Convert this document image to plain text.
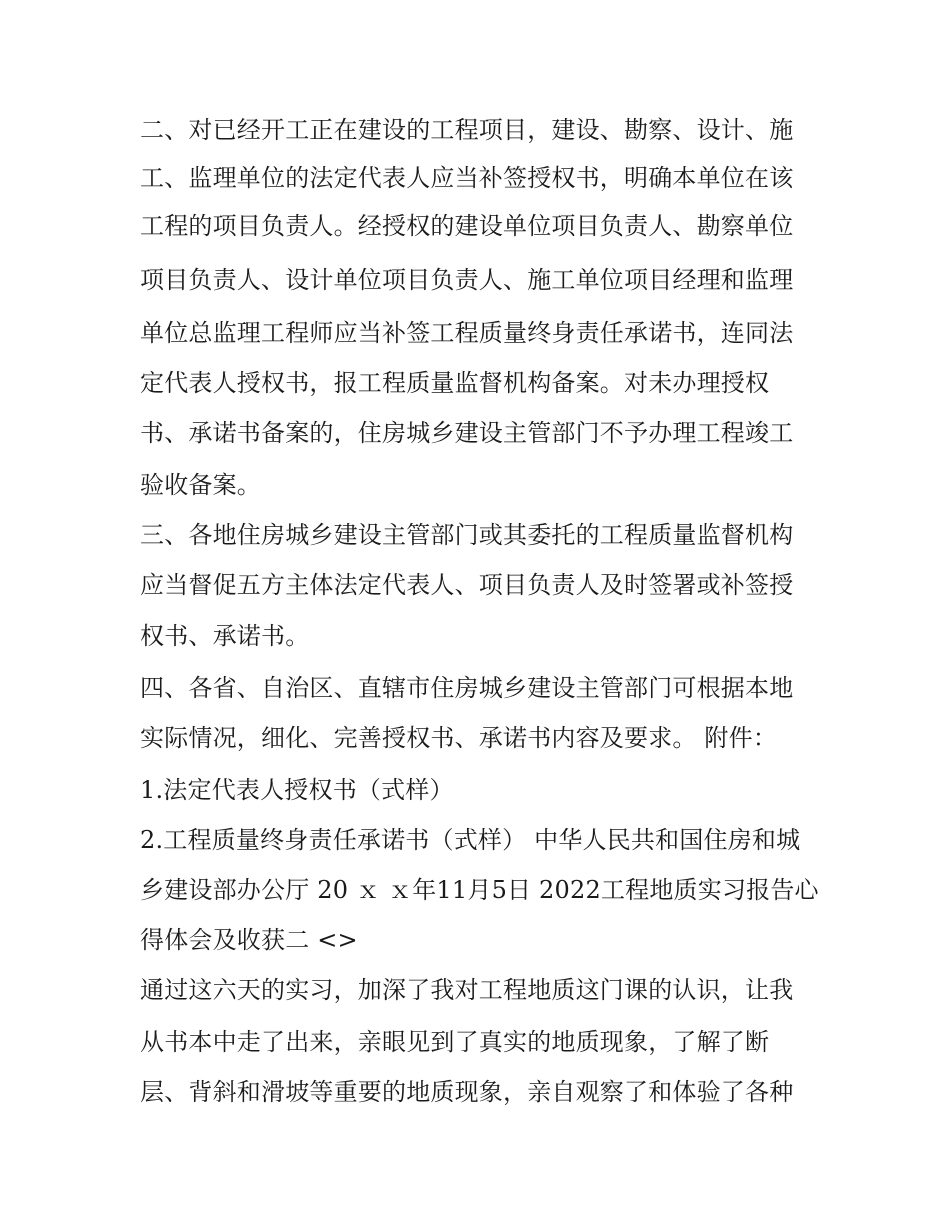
二、对已经开工正在建设的工程项目，建设、勘察、设计、施
工、监理单位的法定代表人应当补签授权书，明确本单位在该
工程的项目负责人。经授权的建设单位项目负责人、勘察单位
项目负责人、设计单位项目负责人、施工单位项目经理和监理
单位总监理工程师应当补签工程质量终身责任承诺书，连同法
定代表人授权书，报工程质量监督机构备案。对未办理授权
书、承诺书备案的，住房城乡建设主管部门不予办理工程竣工
验收备案。
三、各地住房城乡建设主管部门或其委托的工程质量监督机构
应当督促五方主体法定代表人、项目负责人及时签署或补签授
权书、承诺书。
四、各省、自治区、直辖市住房城乡建设主管部门可根据本地
实际情况，细化、完善授权书、承诺书内容及要求。 附件：
1.法定代表人授权书（式样）
2.工程质量终身责任承诺书（式样） 中华人民共和国住房和城
乡建设部办公厅 20 ｘ ｘ年11月5日 2022工程地质实习报告心
得体会及收获二 <>
通过这六天的实习，加深了我对工程地质这门课的认识，让我
从书本中走了出来，亲眼见到了真实的地质现象，了解了断
层、背斜和滑坡等重要的地质现象，亲自观察了和体验了各种
